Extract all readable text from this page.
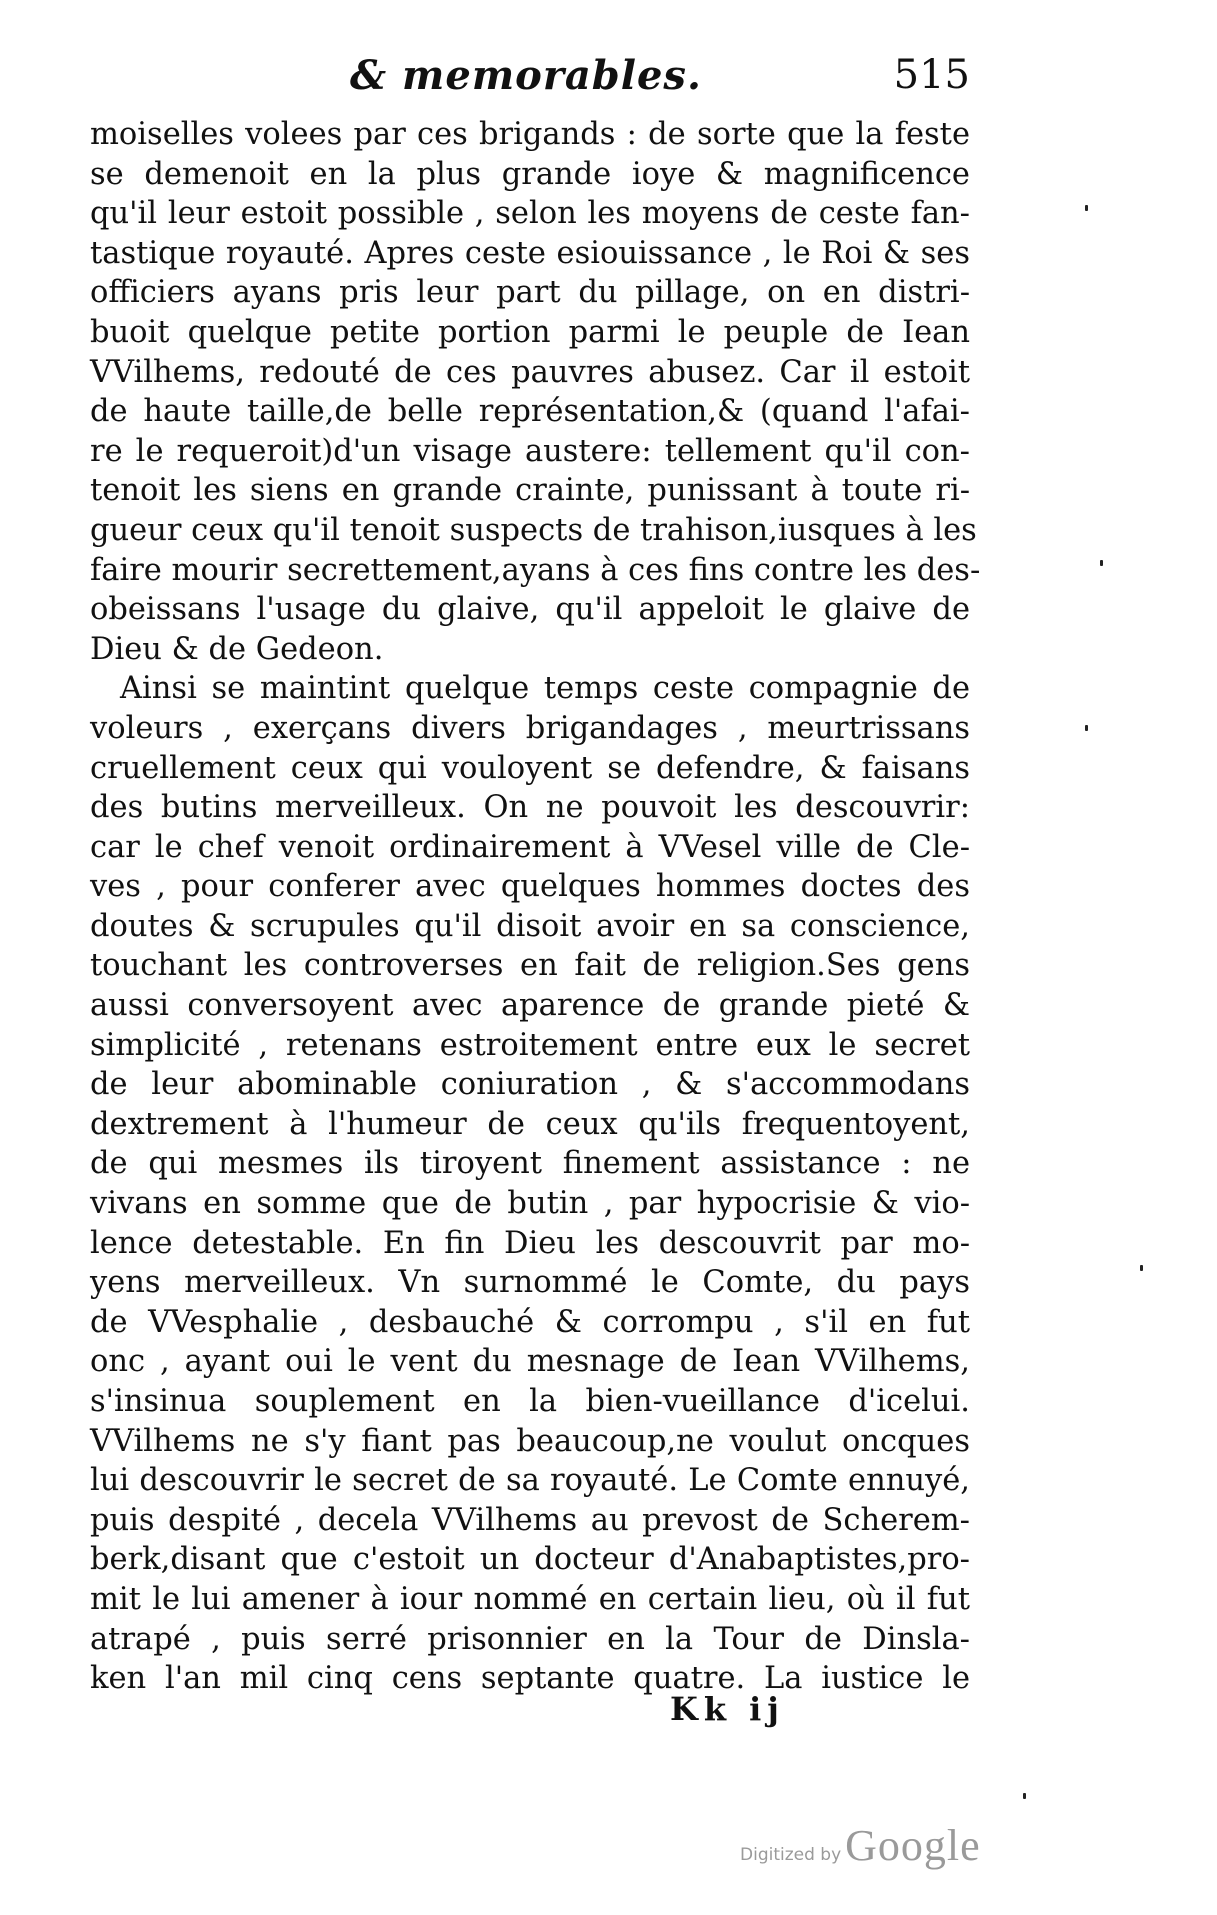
& memorables.	515
moiselles volees par ces brigands : de sorte que la feste
se demenoit en la plus grande ioye & magnificence
qu'il leur estoit possible , selon les moyens de ceste fan-
tastique royauté. Apres ceste esiouissance , le Roi & ses
officiers ayans pris leur part du pillage, on en distri-
buoit quelque petite portion parmi le peuple de Iean
VVilhems, redouté de ces pauvres abusez. Car il estoit
de haute taille,de belle représentation,& (quand l'afai-
re le requeroit)d'un visage austere: tellement qu'il con-
tenoit les siens en grande crainte, punissant à toute ri-
gueur ceux qu'il tenoit suspects de trahison,iusques à les
faire mourir secrettement,ayans à ces fins contre les des-
obeissans l'usage du glaive, qu'il appeloit le glaive de
Dieu & de Gedeon.
Ainsi se maintint quelque temps ceste compagnie de
voleurs , exerçans divers brigandages , meurtrissans
cruellement ceux qui vouloyent se defendre, & faisans
des butins merveilleux. On ne pouvoit les descouvrir:
car le chef venoit ordinairement à VVesel ville de Cle-
ves , pour conferer avec quelques hommes doctes des
doutes & scrupules qu'il disoit avoir en sa conscience,
touchant les controverses en fait de religion.Ses gens
aussi conversoyent avec aparence de grande pieté &
simplicité , retenans estroitement entre eux le secret
de leur abominable coniuration , & s'accommodans
dextrement à l'humeur de ceux qu'ils frequentoyent,
de qui mesmes ils tiroyent finement assistance : ne
vivans en somme que de butin , par hypocrisie & vio-
lence detestable. En fin Dieu les descouvrit par mo-
yens merveilleux. Vn surnommé le Comte, du pays
de VVesphalie , desbauché & corrompu , s'il en fut
onc , ayant oui le vent du mesnage de Iean VVilhems,
s'insinua souplement en la bien-vueillance d'icelui.
VVilhems ne s'y fiant pas beaucoup,ne voulut oncques
lui descouvrir le secret de sa royauté. Le Comte ennuyé,
puis despité , decela VVilhems au prevost de Scherem-
berk,disant que c'estoit un docteur d'Anabaptistes,pro-
mit le lui amener à iour nommé en certain lieu, où il fut
atrapé , puis serré prisonnier en la Tour de Dinsla-
ken l'an mil cinq cens septante quatre. La iustice le
Kk ij
Digitized by Google
